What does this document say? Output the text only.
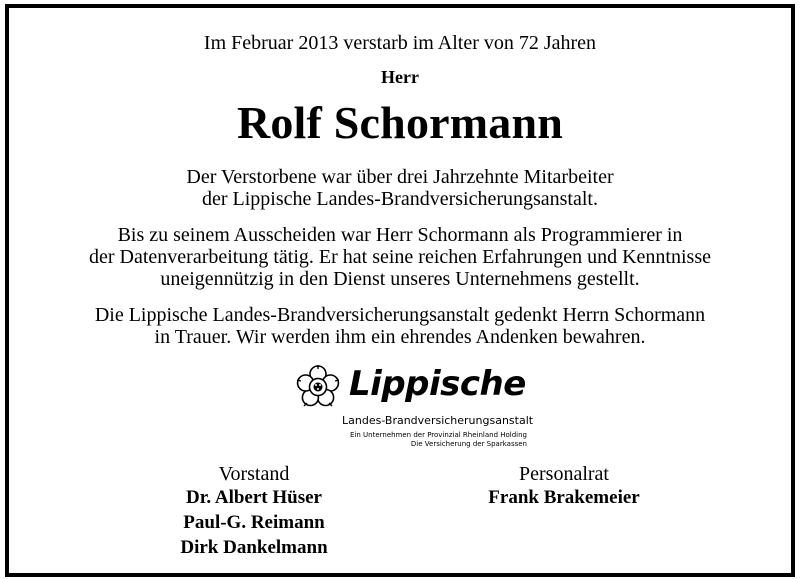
Im Februar 2013 verstarb im Alter von 72 Jahren
Herr
Rolf Schormann
Der Verstorbene war über drei Jahrzehnte Mitarbeiter
der Lippische Landes-Brandversicherungsanstalt.
Bis zu seinem Ausscheiden war Herr Schormann als Programmierer in
der Datenverarbeitung tätig. Er hat seine reichen Erfahrungen und Kenntnisse
uneigennützig in den Dienst unseres Unternehmens gestellt.
Die Lippische Landes-Brandversicherungsanstalt gedenkt Herrn Schormann
in Trauer. Wir werden ihm ein ehrendes Andenken bewahren.
Lippische
Landes-Brandversicherungsanstalt
Ein Unternehmen der Provinzial Rheinland Holding
Die Versicherung der Sparkassen
Vorstand
Dr. Albert Hüser
Paul-G. Reimann
Dirk Dankelmann
Personalrat
Frank Brakemeier
